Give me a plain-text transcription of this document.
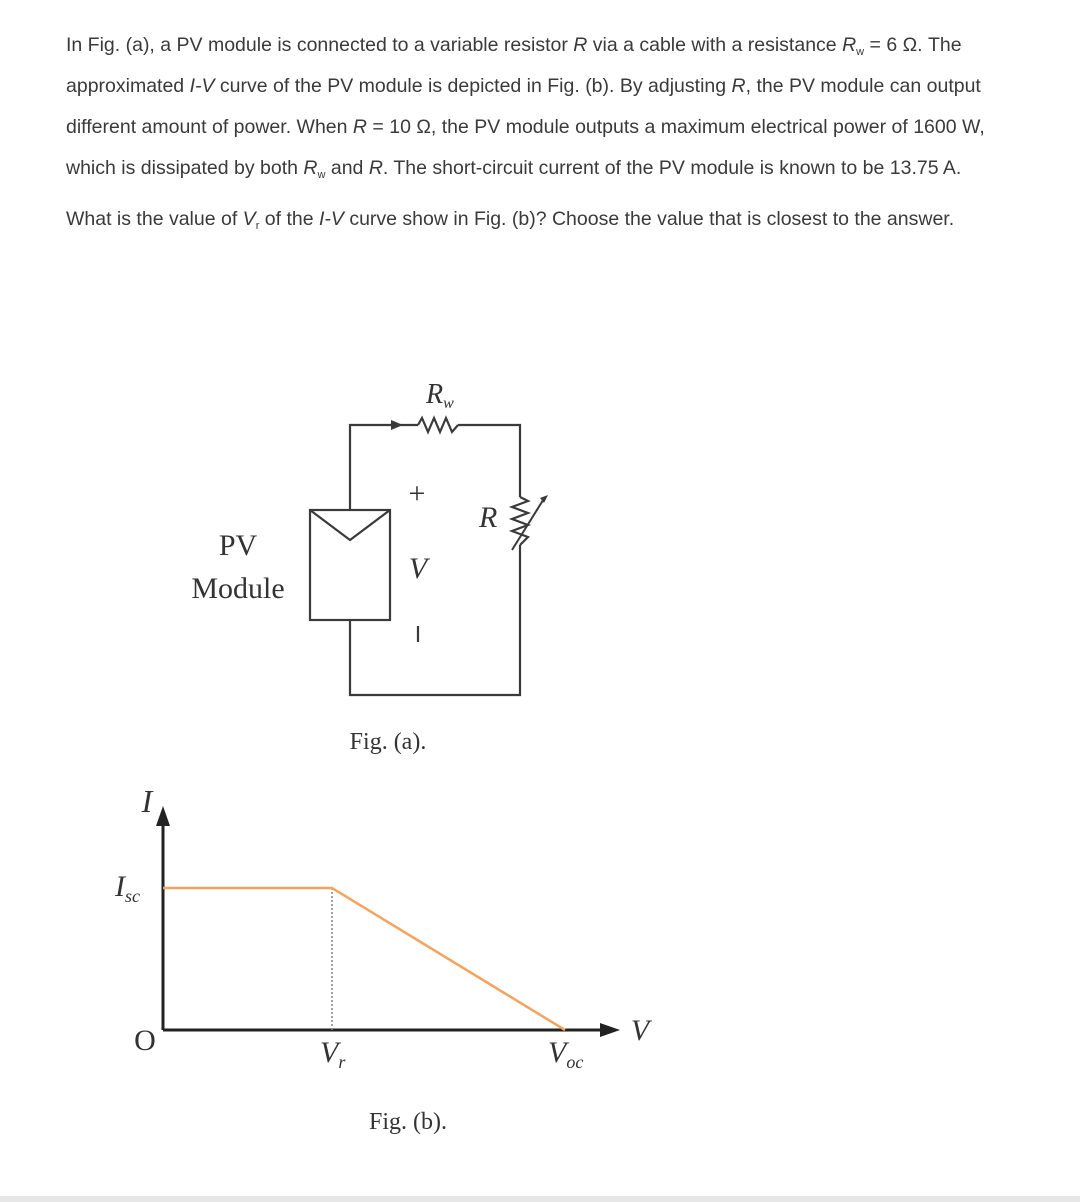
In Fig. (a), a PV module is connected to a variable resistor R via a cable with a resistance $R_w = 6$ Ω. The approximated I-V curve of the PV module is depicted in Fig. (b). By adjusting R, the PV module can output different amount of power. When R = 10 Ω, the PV module outputs a maximum electrical power of 1600 W, which is dissipated by both $R_w$ and R. The short-circuit current of the PV module is known to be 13.75 A.

What is the value of $V_r$ of the I-V curve show in Fig. (b)? Choose the value that is closest to the answer.

PV
Module
Rw
R
+
V
Fig. (a).
I
$I_{sc}$
O	$V_r$	$V_{oc}$
V
Fig. (b).
